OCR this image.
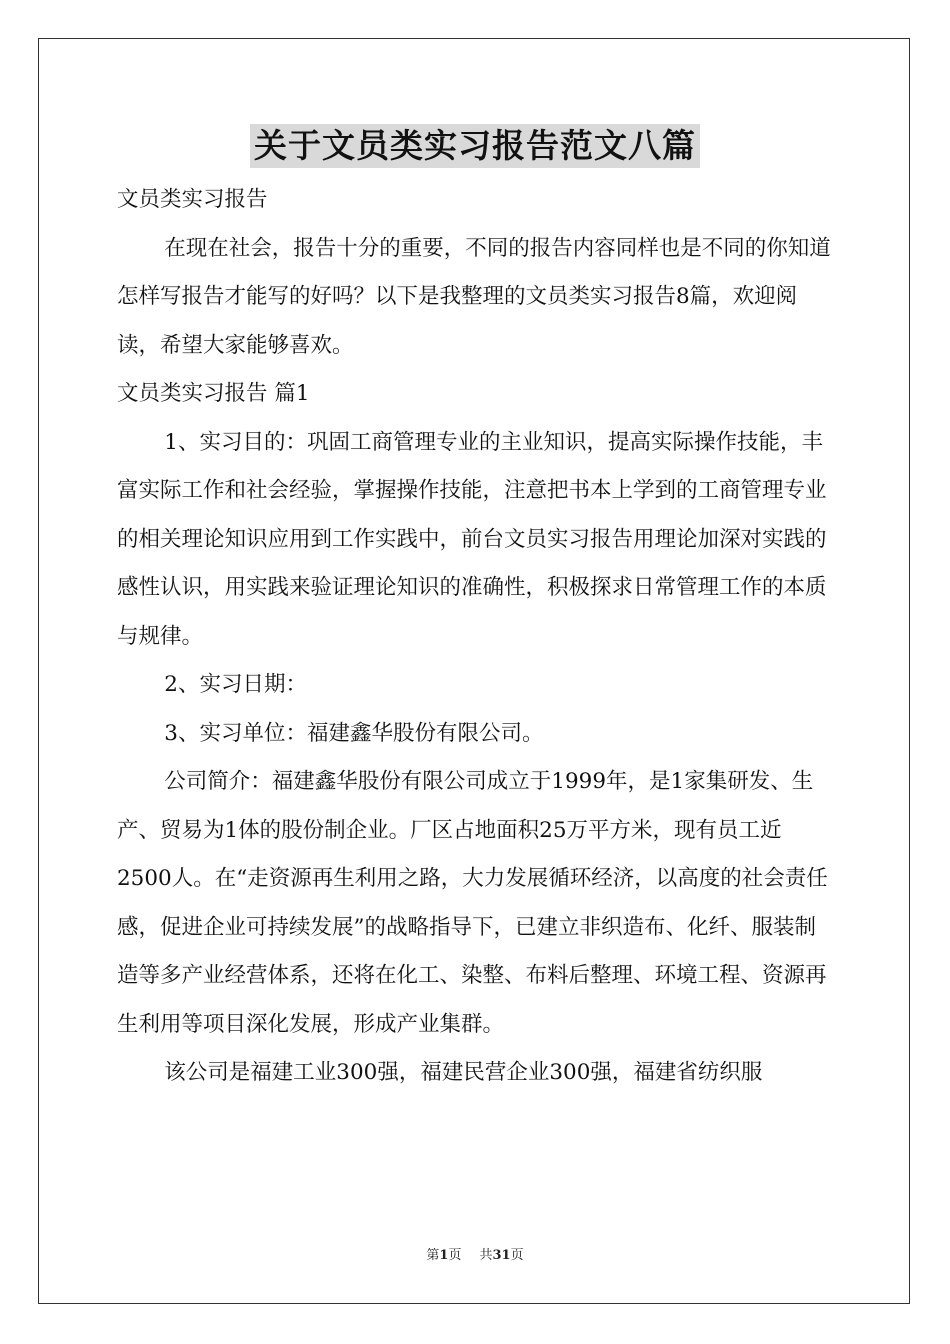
关于文员类实习报告范文八篇

文员类实习报告

在现在社会，报告十分的重要，不同的报告内容同样也是不同的你知道怎样写报告才能写的好吗？以下是我整理的文员类实习报告8篇，欢迎阅读，希望大家能够喜欢。

文员类实习报告 篇1

1、实习目的：巩固工商管理专业的主业知识，提高实际操作技能，丰富实际工作和社会经验，掌握操作技能，注意把书本上学到的工商管理专业的相关理论知识应用到工作实践中，前台文员实习报告用理论加深对实践的感性认识，用实践来验证理论知识的准确性，积极探求日常管理工作的本质与规律。

2、实习日期：

3、实习单位：福建鑫华股份有限公司。

公司简介：福建鑫华股份有限公司成立于1999年，是1家集研发、生产、贸易为1体的股份制企业。厂区占地面积25万平方米，现有员工近2500人。在“走资源再生利用之路，大力发展循环经济，以高度的社会责任感，促进企业可持续发展”的战略指导下，已建立非织造布、化纤、服装制造等多产业经营体系，还将在化工、染整、布料后整理、环境工程、资源再生利用等项目深化发展，形成产业集群。

该公司是福建工业300强，福建民营企业300强，福建省纺织服

第1页 共31页
